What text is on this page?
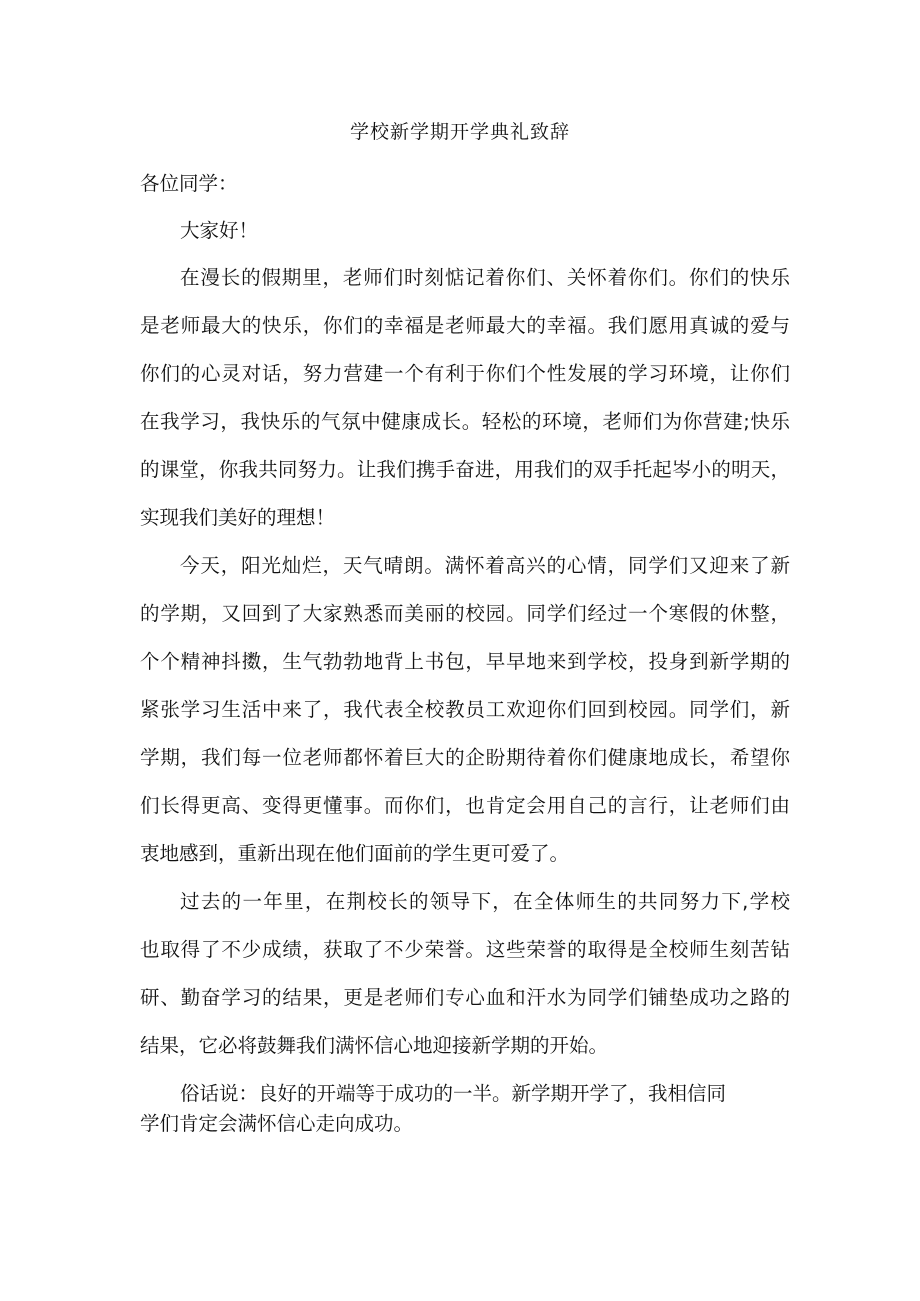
学校新学期开学典礼致辞
各位同学：
大家好！
在漫长的假期里，老师们时刻惦记着你们、关怀着你们。你们的快乐
是老师最大的快乐，你们的幸福是老师最大的幸福。我们愿用真诚的爱与
你们的心灵对话，努力营建一个有利于你们个性发展的学习环境，让你们
在我学习，我快乐的气氛中健康成长。轻松的环境，老师们为你营建;快乐
的课堂，你我共同努力。让我们携手奋进，用我们的双手托起岑小的明天，
实现我们美好的理想！
今天，阳光灿烂，天气晴朗。满怀着高兴的心情，同学们又迎来了新
的学期，又回到了大家熟悉而美丽的校园。同学们经过一个寒假的休整，
个个精神抖擞，生气勃勃地背上书包，早早地来到学校，投身到新学期的
紧张学习生活中来了，我代表全校教员工欢迎你们回到校园。同学们，新
学期，我们每一位老师都怀着巨大的企盼期待着你们健康地成长，希望你
们长得更高、变得更懂事。而你们，也肯定会用自己的言行，让老师们由
衷地感到，重新出现在他们面前的学生更可爱了。
过去的一年里，在荆校长的领导下，在全体师生的共同努力下,学校
也取得了不少成绩，获取了不少荣誉。这些荣誉的取得是全校师生刻苦钻
研、勤奋学习的结果，更是老师们专心血和汗水为同学们铺垫成功之路的
结果，它必将鼓舞我们满怀信心地迎接新学期的开始。
俗话说：良好的开端等于成功的一半。新学期开学了，我相信同
学们肯定会满怀信心走向成功。
